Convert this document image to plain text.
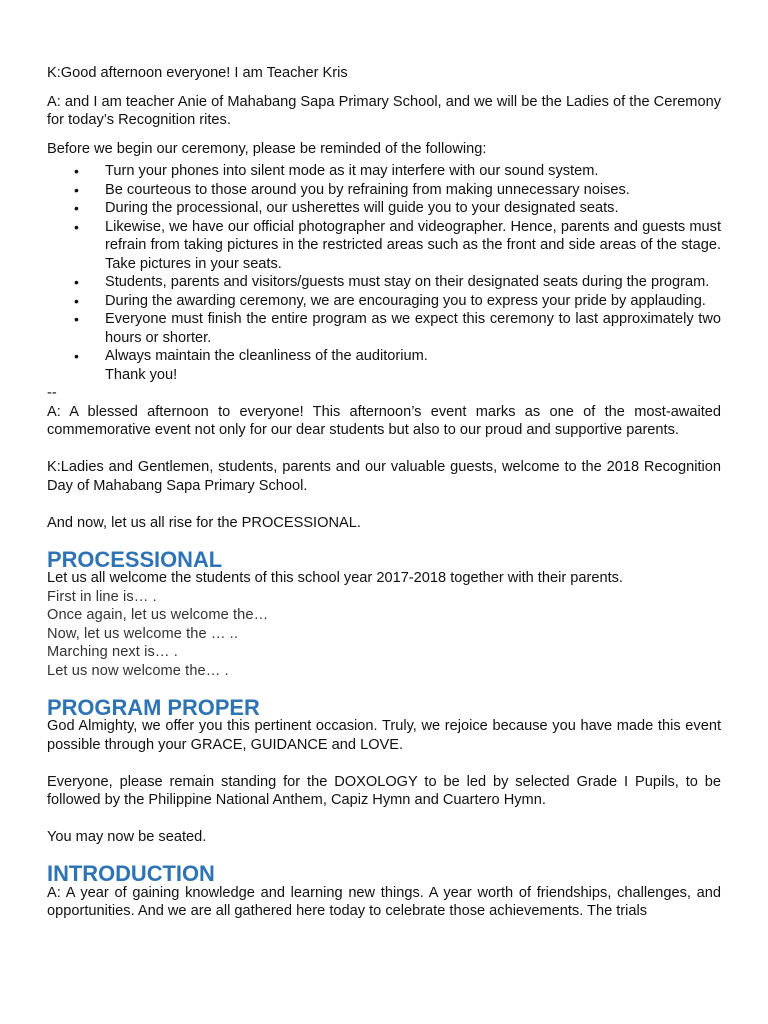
K:Good afternoon everyone! I am Teacher Kris

A: and I am teacher Anie of Mahabang Sapa Primary School, and we will be the Ladies of the Ceremony for today’s Recognition rites.

Before we begin our ceremony, please be reminded of the following:

• Turn your phones into silent mode as it may interfere with our sound system.
• Be courteous to those around you by refraining from making unnecessary noises.
• During the processional, our usherettes will guide you to your designated seats.
• Likewise, we have our official photographer and videographer. Hence, parents and guests must refrain from taking pictures in the restricted areas such as the front and side areas of the stage. Take pictures in your seats.
• Students, parents and visitors/guests must stay on their designated seats during the program.
• During the awarding ceremony, we are encouraging you to express your pride by applauding.
• Everyone must finish the entire program as we expect this ceremony to last approximately two hours or shorter.
• Always maintain the cleanliness of the auditorium.

Thank you!

--

A: A blessed afternoon to everyone! This afternoon’s event marks as one of the most-awaited commemorative event not only for our dear students but also to our proud and supportive parents.

K:Ladies and Gentlemen, students, parents and our valuable guests, welcome to the 2018 Recognition Day of Mahabang Sapa Primary School.

And now, let us all rise for the PROCESSIONAL.

PROCESSIONAL

Let us all welcome the students of this school year 2017-2018 together with their parents.

First in line is… .

Once again, let us welcome the…

Now, let us welcome the … ..

Marching next is… .

Let us now welcome the… .

PROGRAM PROPER

God Almighty, we offer you this pertinent occasion. Truly, we rejoice because you have made this event possible through your GRACE, GUIDANCE and LOVE.

Everyone, please remain standing for the DOXOLOGY to be led by selected Grade I Pupils, to be followed by the Philippine National Anthem, Capiz Hymn and Cuartero Hymn.

You may now be seated.

INTRODUCTION

A: A year of gaining knowledge and learning new things. A year worth of friendships, challenges, and opportunities. And we are all gathered here today to celebrate those achievements. The trials
